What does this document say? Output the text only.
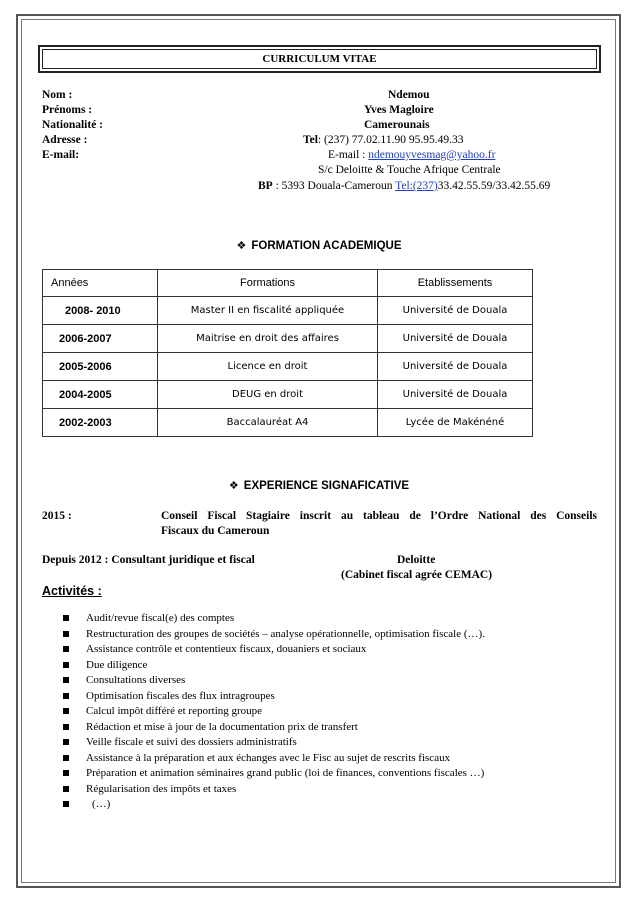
CURRICULUM VITAE
Nom :	Ndemou
Prénoms :	Yves Magloire
Nationalité :	Camerounais
Adresse :	Tel: (237) 77.02.11.90 95.95.49.33
E-mail:	E-mail : ndemouyvesmag@yahoo.fr
S/c Deloitte & Touche Afrique Centrale
BP : 5393 Douala-Cameroun Tel:(237)33.42.55.59/33.42.55.69
❖ FORMATION ACADEMIQUE
Années	Formations	Etablissements
2008- 2010	Master II en fiscalité appliquée	Université de Douala
2006-2007	Maitrise en droit des affaires	Université de Douala
2005-2006	Licence en droit	Université de Douala
2004-2005	DEUG en droit	Université de Douala
2002-2003	Baccalauréat A4	Lycée de Makénéné
❖ EXPERIENCE SIGNAFICATIVE
2015 :	Conseil Fiscal Stagiaire inscrit au tableau de l’Ordre National des Conseils
Fiscaux du Cameroun
Depuis 2012 : Consultant juridique et fiscal	Deloitte
(Cabinet fiscal agrée CEMAC)
Activités :
Audit/revue fiscal(e) des comptes
Restructuration des groupes de sociétés – analyse opérationnelle, optimisation fiscale (…).
Assistance contrôle et contentieux fiscaux, douaniers et sociaux
Due diligence
Consultations diverses
Optimisation fiscales des flux intragroupes
Calcul impôt différé et reporting groupe
Rédaction et mise à jour de la documentation prix de transfert
Veille fiscale et suivi des dossiers administratifs
Assistance à la préparation et aux échanges avec le Fisc au sujet de rescrits fiscaux
Préparation et animation séminaires grand public (loi de finances, conventions fiscales …)
Régularisation des impôts et taxes
(…)
